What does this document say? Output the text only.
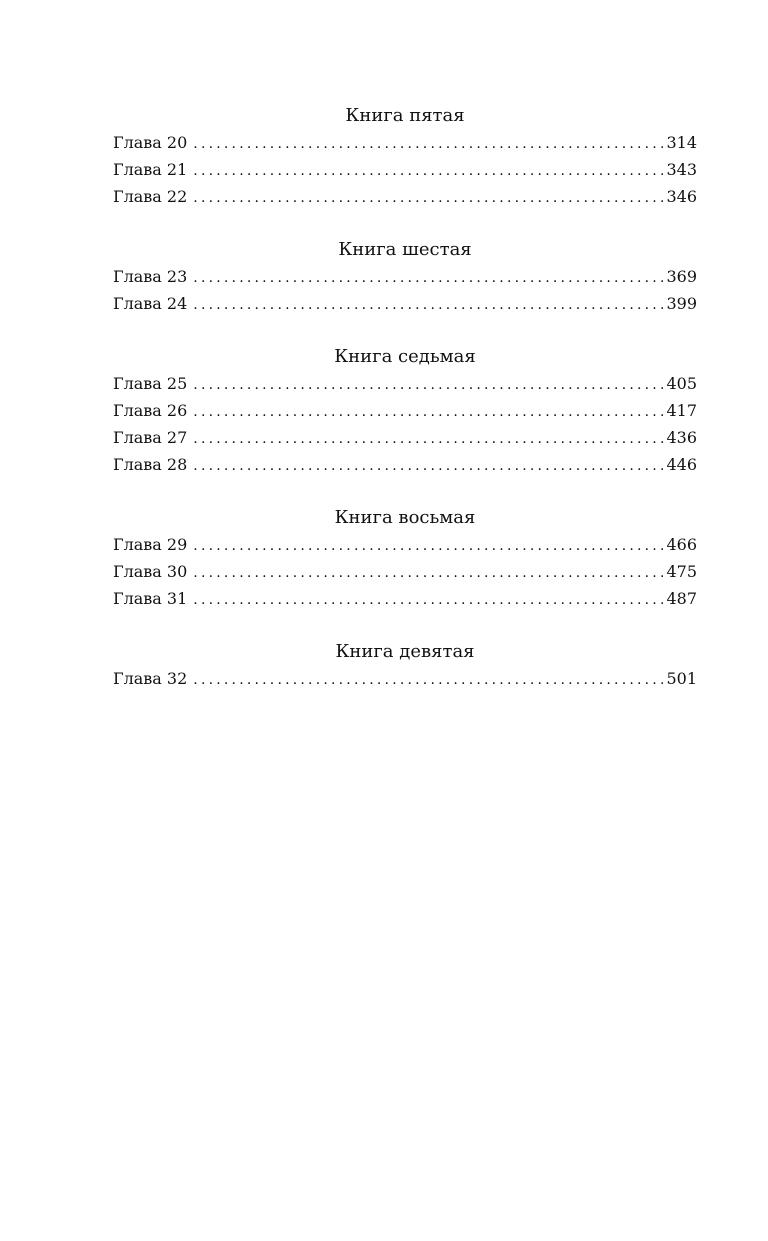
Книга пятая
Глава 20 .....	314
Глава 21 .....	343
Глава 22 .....	346
Книга шестая
Глава 23 .....	369
Глава 24 .....	399
Книга седьмая
Глава 25 .....	405
Глава 26 .....	417
Глава 27 .....	436
Глава 28 .....	446
Книга восьмая
Глава 29 .....	466
Глава 30 .....	475
Глава 31 .....	487
Книга девятая
Глава 32 .....	501
